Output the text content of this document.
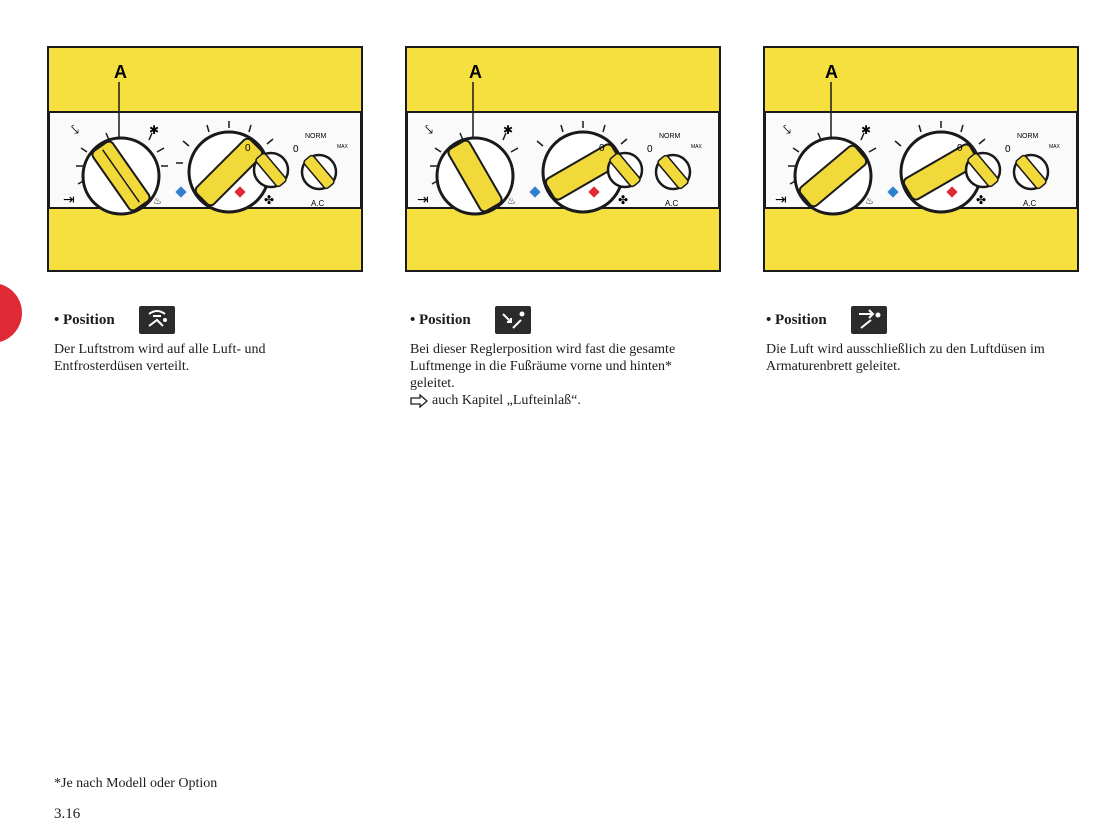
A
⤥
⇥
✱
♨
0
✤
NORM
MAX
0
A.C
A
⤥
⇥
✱
♨
0
✤
NORM
MAX
0
A.C
A
⤥
⇥
✱
♨
0
✤
NORM
MAX
0
A.C
• Position
Der Luftstrom wird auf alle Luft- und
Entfrosterdüsen verteilt.
• Position
Bei dieser Reglerposition wird fast die gesamte
Luftmenge in die Fußräume vorne und hinten*
geleitet.
auch Kapitel „Lufteinlaß“.
• Position
Die Luft wird ausschließlich zu den Luftdüsen im
Armaturenbrett geleitet.
*Je nach Modell oder Option
3.16
